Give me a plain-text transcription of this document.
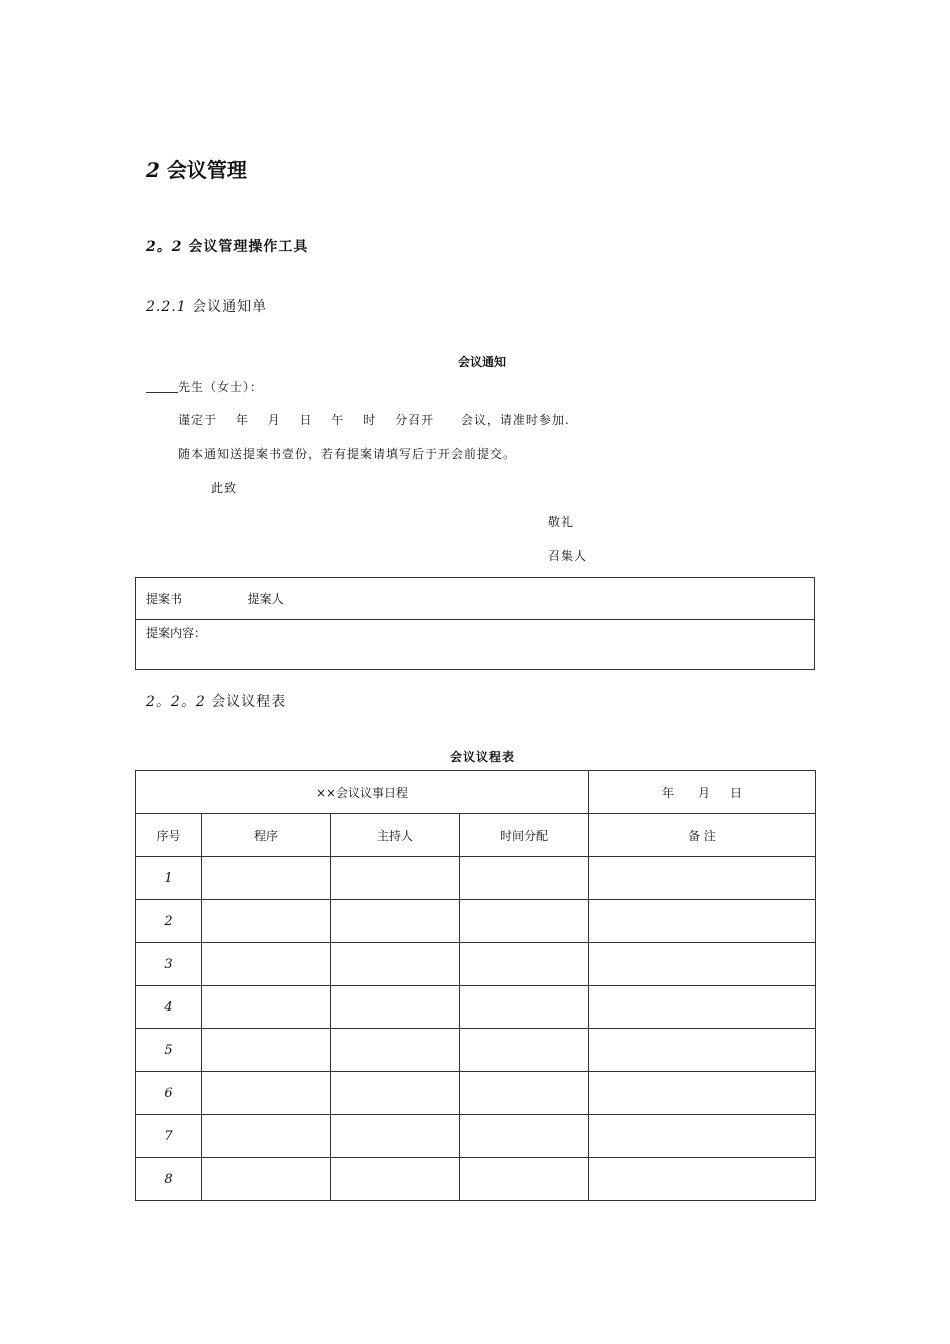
2 会议管理
2。2 会议管理操作工具
2.2.1 会议通知单
会议通知
先生（女士）：
谨定于 年 月 日 午 时 分召开 会议，请准时参加.
随本通知送提案书壹份，若有提案请填写后于开会前提交。
此致
敬礼
召集人
提案书	提案人
提案内容：
2。2。2 会议议程表
会议议程表
××会议议事日程				年 月 日
序号	程序	主持人	时间分配	备 注
1				
2				
3				
4				
5				
6				
7				
8				
